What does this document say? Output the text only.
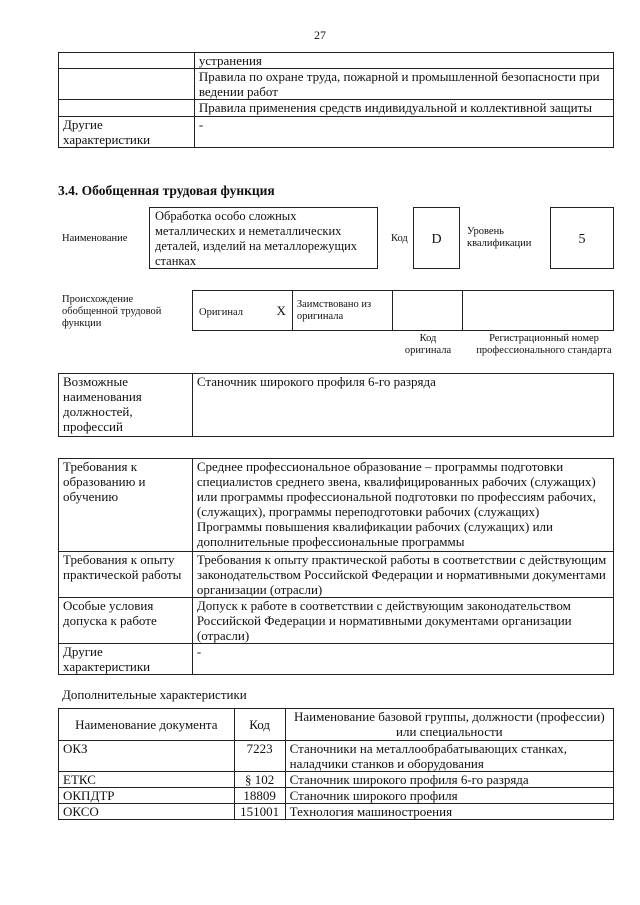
27
	устранения
	Правила по охране труда, пожарной и промышленной безопасности при ведении работ
	Правила применения средств индивидуальной и коллективной защиты
Другие характеристики	-
3.4. Обобщенная трудовая функция
Наименование
Обработка особо сложных металлических и неметаллических деталей, изделий на металлорежущих станках
Код	D
Уровень квалификации	5
Происхождение обобщенной трудовой функции
Оригинал	X	Заимствовано из оригинала		
Код оригинала
Регистрационный номер профессионального стандарта
Возможные наименования должностей, профессий	Станочник широкого профиля 6-го разряда
Требования к образованию и обучению	Среднее профессиональное образование – программы подготовки специалистов среднего звена, квалифицированных рабочих (служащих) или программы профессиональной подготовки по профессиям рабочих, (служащих), программы переподготовки рабочих (служащих)
Программы повышения квалификации рабочих (служащих) или дополнительные профессиональные программы

Требования к опыту практической работы	Требования к опыту практической работы в соответствии с действующим законодательством Российской Федерации и нормативными документами организации (отрасли)
Особые условия допуска к работе	Допуск к работе в соответствии с действующим законодательством Российской Федерации и нормативными документами организации (отрасли)
Другие характеристики	-
Дополнительные характеристики
Наименование документа	Код	Наименование базовой группы, должности (профессии) или специальности
ОКЗ	7223	Станочники на металлообрабатывающих станках, наладчики станков и оборудования
ЕТКС	§ 102	Станочник широкого профиля 6-го разряда
ОКПДТР	18809	Станочник широкого профиля
ОКСО	151001	Технология машиностроения
